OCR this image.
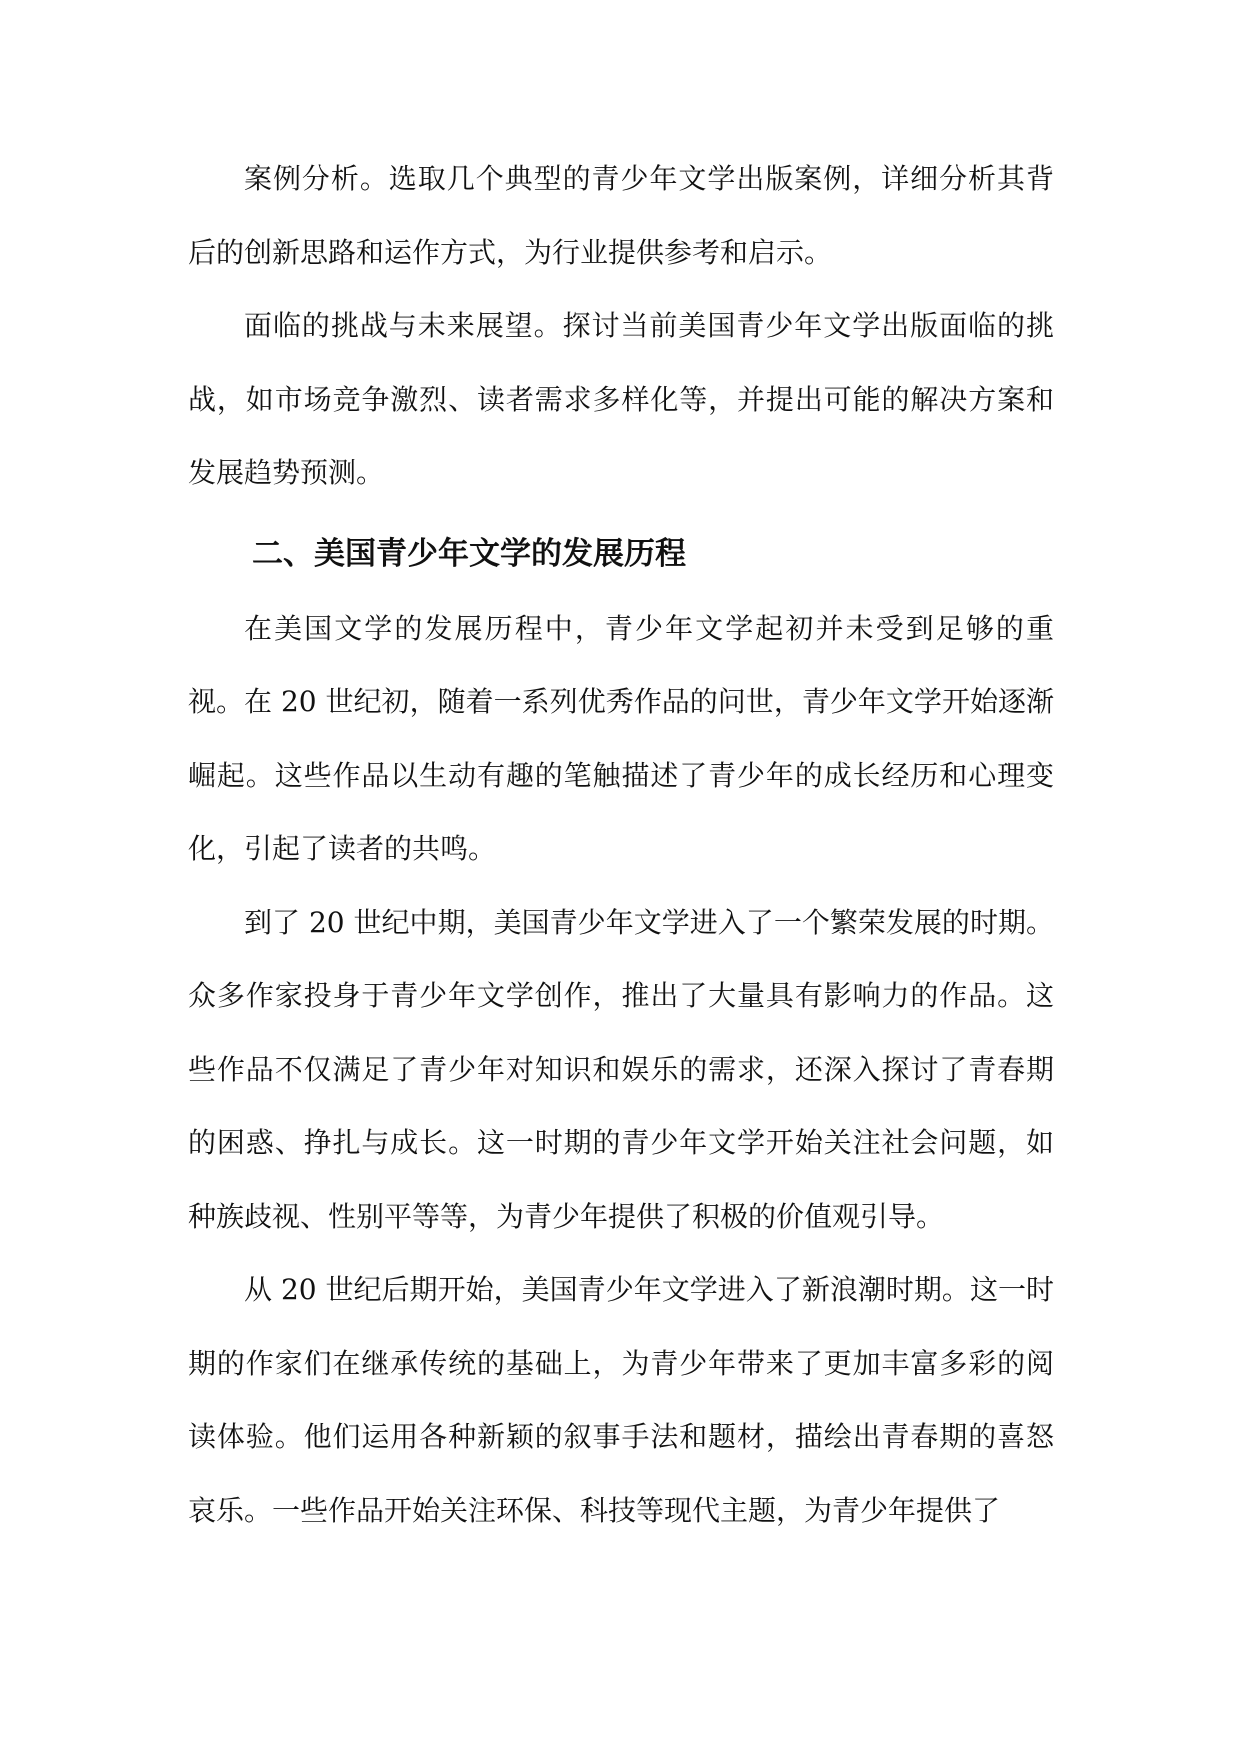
案例分析。选取几个典型的青少年文学出版案例，详细分析其背后的创新思路和运作方式，为行业提供参考和启示。

面临的挑战与未来展望。探讨当前美国青少年文学出版面临的挑战，如市场竞争激烈、读者需求多样化等，并提出可能的解决方案和发展趋势预测。

二、美国青少年文学的发展历程

在美国文学的发展历程中，青少年文学起初并未受到足够的重视。在 20 世纪初，随着一系列优秀作品的问世，青少年文学开始逐渐崛起。这些作品以生动有趣的笔触描述了青少年的成长经历和心理变化，引起了读者的共鸣。

到了 20 世纪中期，美国青少年文学进入了一个繁荣发展的时期。众多作家投身于青少年文学创作，推出了大量具有影响力的作品。这些作品不仅满足了青少年对知识和娱乐的需求，还深入探讨了青春期的困惑、挣扎与成长。这一时期的青少年文学开始关注社会问题，如种族歧视、性别平等等，为青少年提供了积极的价值观引导。

从 20 世纪后期开始，美国青少年文学进入了新浪潮时期。这一时期的作家们在继承传统的基础上，为青少年带来了更加丰富多彩的阅读体验。他们运用各种新颖的叙事手法和题材，描绘出青春期的喜怒哀乐。一些作品开始关注环保、科技等现代主题，为青少年提供了
